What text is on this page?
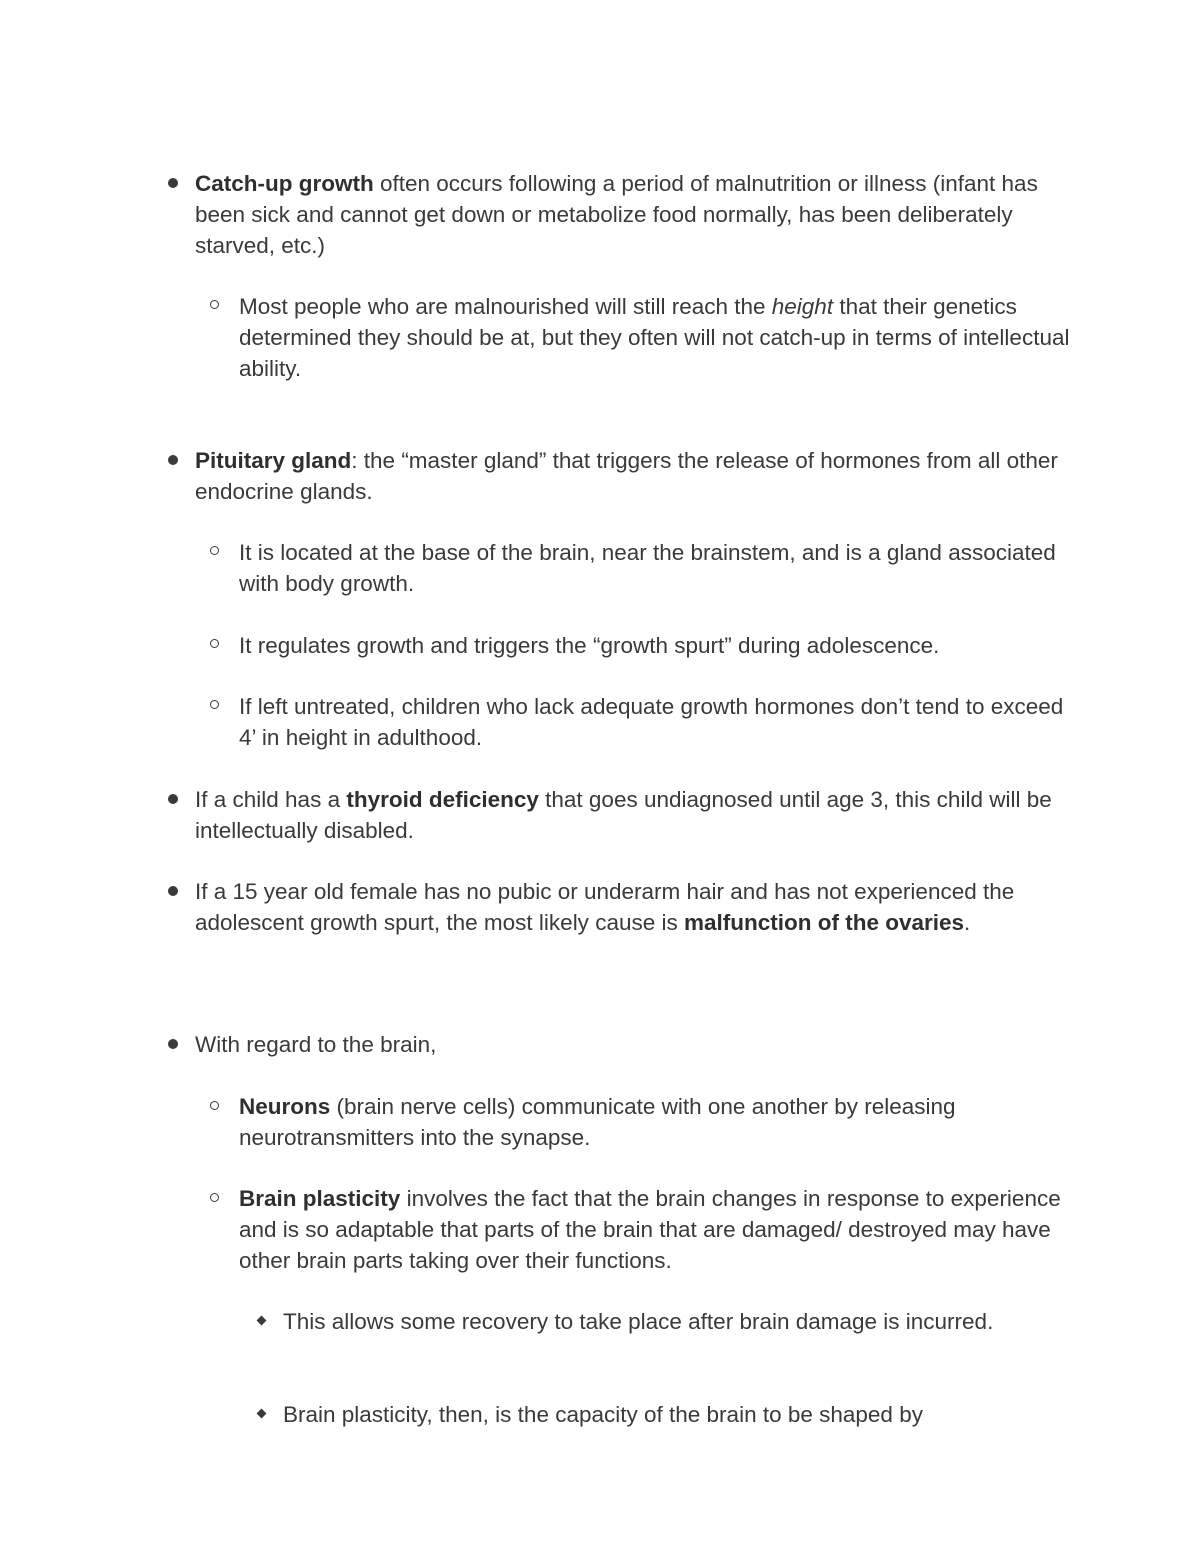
Catch-up growth often occurs following a period of malnutrition or illness (infant has been sick and cannot get down or metabolize food normally, has been deliberately starved, etc.)

Most people who are malnourished will still reach the height that their genetics determined they should be at, but they often will not catch-up in terms of intellectual ability.

Pituitary gland: the “master gland” that triggers the release of hormones from all other endocrine glands.

It is located at the base of the brain, near the brainstem, and is a gland associated with body growth.

It regulates growth and triggers the “growth spurt” during adolescence.

If left untreated, children who lack adequate growth hormones don’t tend to exceed 4’ in height in adulthood.

If a child has a thyroid deficiency that goes undiagnosed until age 3, this child will be intellectually disabled.

If a 15 year old female has no pubic or underarm hair and has not experienced the adolescent growth spurt, the most likely cause is malfunction of the ovaries.

With regard to the brain,

Neurons (brain nerve cells) communicate with one another by releasing neurotransmitters into the synapse.

Brain plasticity involves the fact that the brain changes in response to experience and is so adaptable that parts of the brain that are damaged/ destroyed may have other brain parts taking over their functions.

This allows some recovery to take place after brain damage is incurred.

Brain plasticity, then, is the capacity of the brain to be shaped by
